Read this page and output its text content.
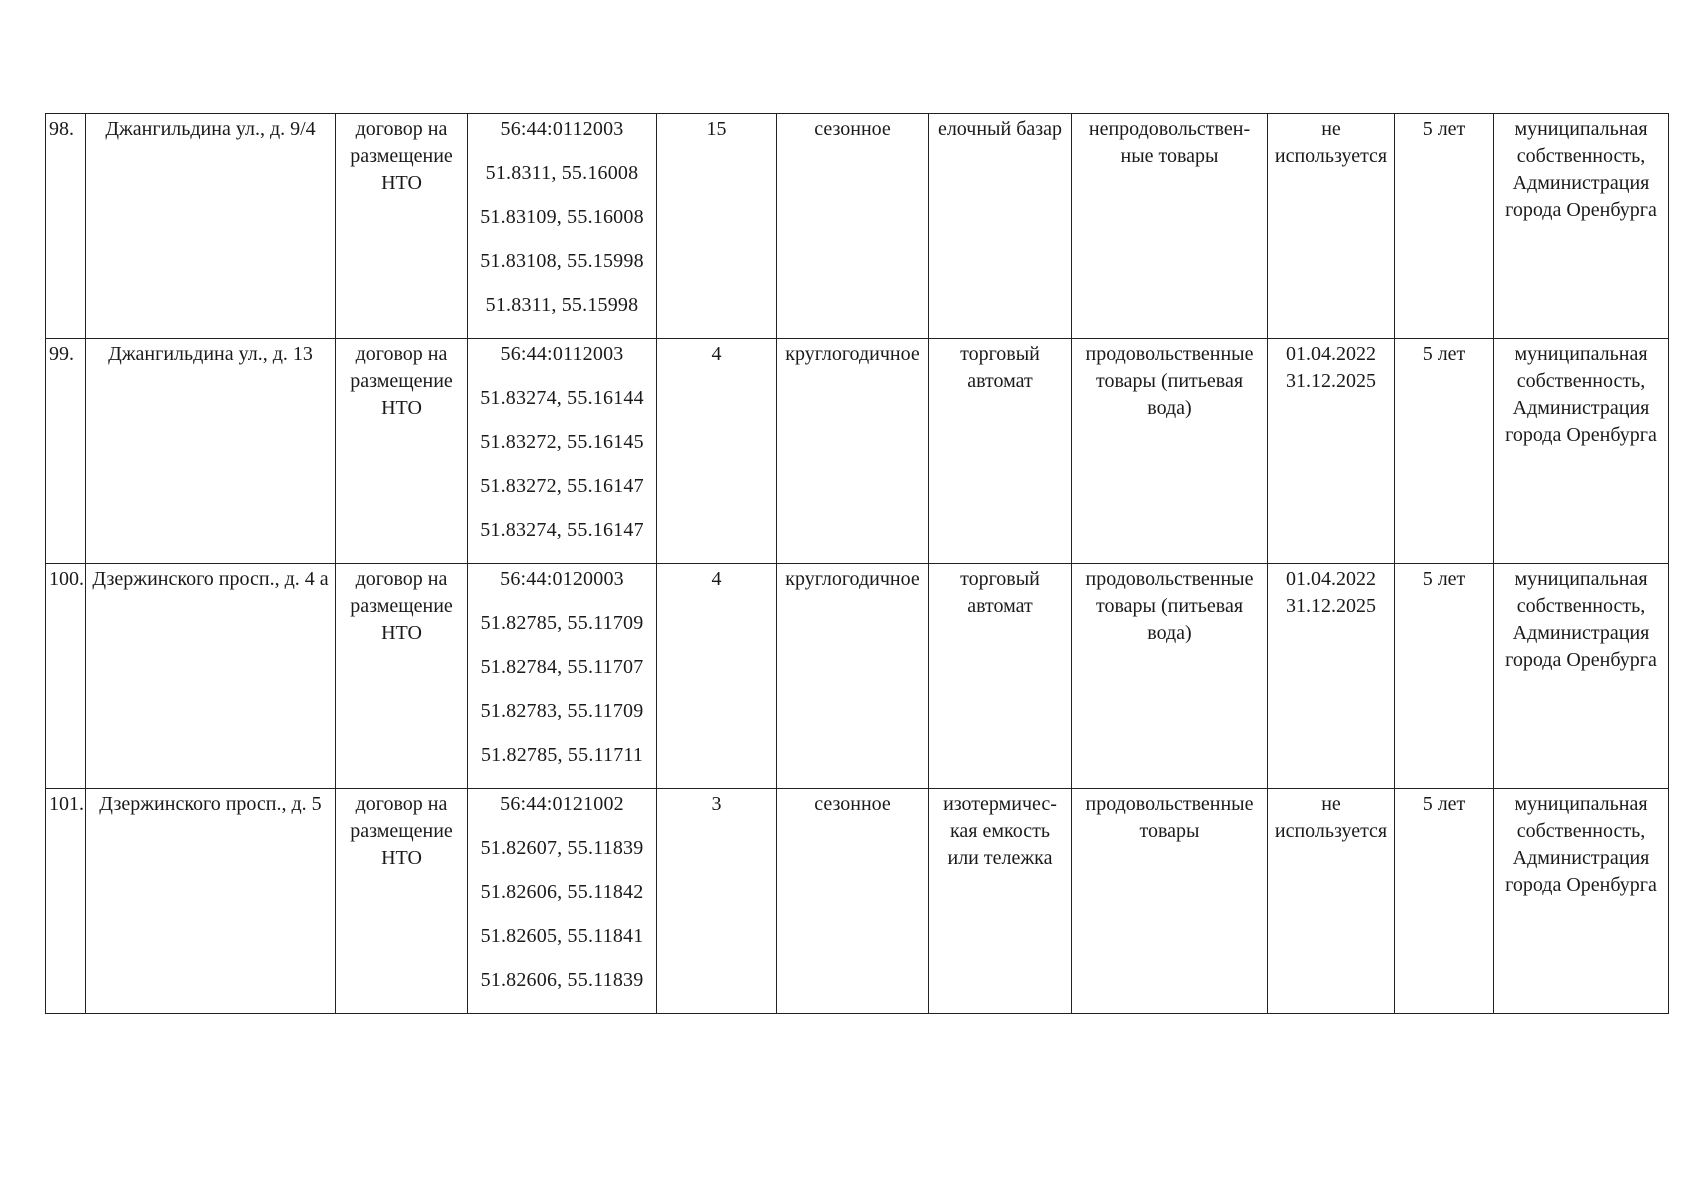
98.	Джангильдина ул., д. 9/4	договор на размещение НТО	56:44:0112003
51.8311, 55.16008
51.83109, 55.16008
51.83108, 55.15998
51.8311, 55.15998	15	сезонное	елочный базар	непродовольствен-ные товары	не используется	5 лет	муниципальная собственность, Администрация города Оренбурга
99.	Джангильдина ул., д. 13	договор на размещение НТО	56:44:0112003
51.83274, 55.16144
51.83272, 55.16145
51.83272, 55.16147
51.83274, 55.16147	4	круглогодичное	торговый автомат	продовольственные товары (питьевая вода)	01.04.2022 31.12.2025	5 лет	муниципальная собственность, Администрация города Оренбурга
100.	Дзержинского просп., д. 4 а	договор на размещение НТО	56:44:0120003
51.82785, 55.11709
51.82784, 55.11707
51.82783, 55.11709
51.82785, 55.11711	4	круглогодичное	торговый автомат	продовольственные товары (питьевая вода)	01.04.2022 31.12.2025	5 лет	муниципальная собственность, Администрация города Оренбурга
101.	Дзержинского просп., д. 5	договор на размещение НТО	56:44:0121002
51.82607, 55.11839
51.82606, 55.11842
51.82605, 55.11841
51.82606, 55.11839	3	сезонное	изотермичес-кая емкость или тележка	продовольственные товары	не используется	5 лет	муниципальная собственность, Администрация города Оренбурга
